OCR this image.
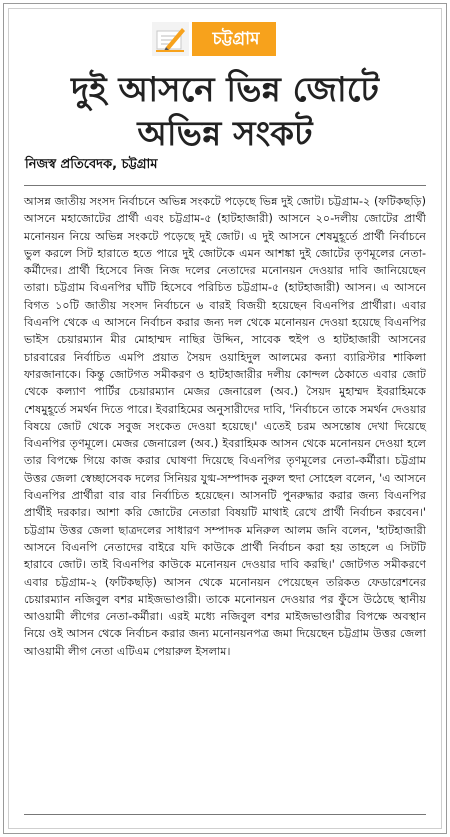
চট্টগ্রাম
দুই আসনে ভিন্ন জোটে
অভিন্ন সংকট
নিজস্ব প্রতিবেদক, চট্টগ্রাম

আসন্ন জাতীয় সংসদ নির্বাচনে অভিন্ন সংকটে পড়েছে ভিন্ন দুই জোট। চট্টগ্রাম-২ (ফটিকছড়ি) আসনে মহাজোটের প্রার্থী এবং চট্টগ্রাম-৫ (হাটহাজারী) আসনে ২০-দলীয় জোটের প্রার্থী মনোনয়ন নিয়ে অভিন্ন সংকটে পড়েছে দুই জোট। এ দুই আসনে শেষমুহূর্তে প্রার্থী নির্বাচনে ভুল করলে সিট হারাতে হতে পারে দুই জোটকে এমন আশঙ্কা দুই জোটের তৃণমূলের নেতা-কর্মীদের। প্রার্থী হিসেবে নিজ নিজ দলের নেতাদের মনোনয়ন দেওয়ার দাবি জানিয়েছেন তারা। চট্টগ্রাম বিএনপির ঘাঁটি হিসেবে পরিচিত চট্টগ্রাম-৫ (হাটহাজারী) আসন। এ আসনে বিগত ১০টি জাতীয় সংসদ নির্বাচনে ৬ বারই বিজয়ী হয়েছেন বিএনপির প্রার্থীরা। এবার বিএনপি থেকে এ আসনে নির্বাচন করার জন্য দল থেকে মনোনয়ন দেওয়া হয়েছে বিএনপির ভাইস চেয়ারম্যান মীর মোহাম্মদ নাছির উদ্দিন, সাবেক হুইপ ও হাটহাজারী আসনের চারবারের নির্বাচিত এমপি প্রয়াত সৈয়দ ওয়াহিদুল আলমের কন্যা ব্যারিস্টার শাকিলা ফারজানাকে। কিন্তু জোটগত সমীকরণ ও হাটহাজারীর দলীয় কোন্দল ঠেকাতে এবার জোট থেকে কল্যাণ পার্টির চেয়ারম্যান মেজর জেনারেল (অব.) সৈয়দ মুহাম্মদ ইবরাহিমকে শেষমুহূর্তে সমর্থন দিতে পারে। ইবরাহিমের অনুসারীদের দাবি, 'নির্বাচনে তাকে সমর্থন দেওয়ার বিষয়ে জোট থেকে সবুজ সংকেত দেওয়া হয়েছে।' এতেই চরম অসন্তোষ দেখা দিয়েছে বিএনপির তৃণমূলে। মেজর জেনারেল (অব.) ইবরাহিমক আসন থেকে মনোনয়ন দেওয়া হলে তার বিপক্ষে গিয়ে কাজ করার ঘোষণা দিয়েছে বিএনপির তৃণমূলের নেতা-কর্মীরা। চট্টগ্রাম উত্তর জেলা স্বেচ্ছাসেবক দলের সিনিয়র যুগ্ম-সম্পাদক নুরুল হুদা সোহেল বলেন, 'এ আসনে বিএনপির প্রার্থীরা বার বার নির্বাচিত হয়েছেন। আসনটি পুনরুদ্ধার করার জন্য বিএনপির প্রার্থীই দরকার। আশা করি জোটের নেতারা বিষয়টি মাথাই রেখে প্রার্থী নির্বাচন করবেন।' চট্টগ্রাম উত্তর জেলা ছাত্রদলের সাধারণ সম্পাদক মনিরুল আলম জনি বলেন, 'হাটহাজারী আসনে বিএনপি নেতাদের বাইরে যদি কাউকে প্রার্থী নির্বাচন করা হয় তাহলে এ সিটটি হারাবে জোট। তাই বিএনপির কাউকে মনোনয়ন দেওয়ার দাবি করছি।' জোটগত সমীকরণে এবার চট্টগ্রাম-২ (ফটিকছড়ি) আসন থেকে মনোনয়ন পেয়েছেন তরিকত ফেডারেশনের চেয়ারম্যান নজিবুল বশর মাইজভাণ্ডারী। তাকে মনোনয়ন দেওয়ার পর ফুঁসে উঠেছে স্থানীয় আওয়ামী লীগের নেতা-কর্মীরা। এরই মধ্যে নজিবুল বশর মাইজভাণ্ডারীর বিপক্ষে অবস্থান নিয়ে ওই আসন থেকে নির্বাচন করার জন্য মনোনয়নপত্র জমা দিয়েছেন চট্টগ্রাম উত্তর জেলা আওয়ামী লীগ নেতা এটিএম পেয়ারুল ইসলাম।
